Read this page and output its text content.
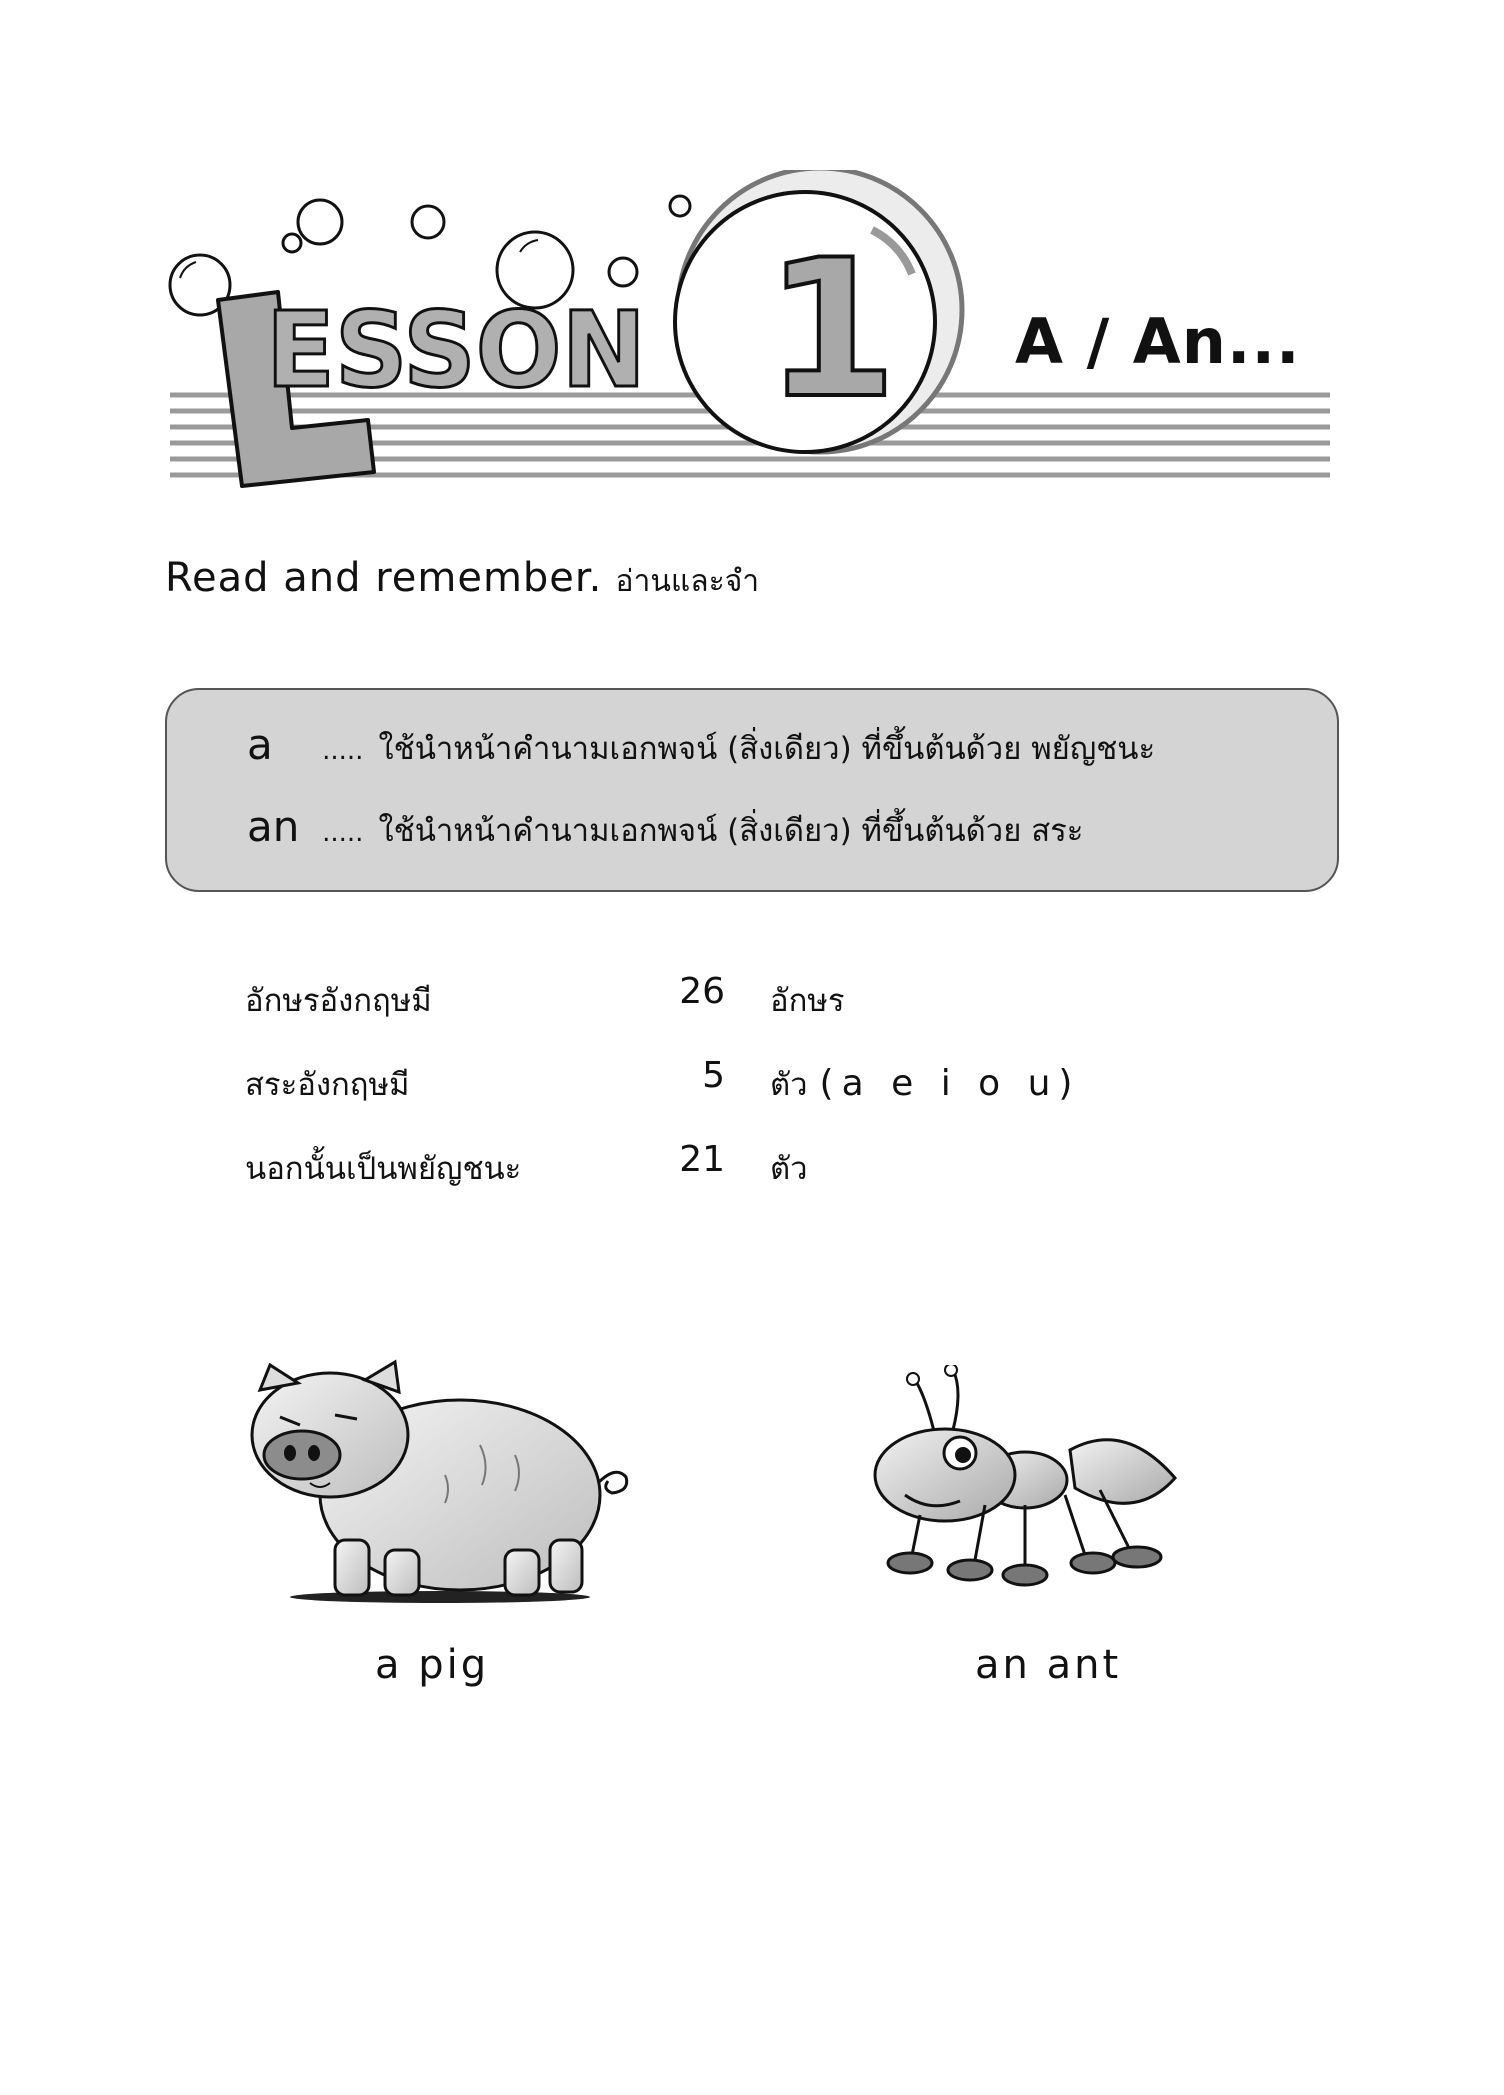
ESSON 1 A / An...
Read and remember. อ่านและจำ
a ..... ใช้นำหน้าคำนามเอกพจน์ (สิ่งเดียว) ที่ขึ้นต้นด้วย พยัญชนะ
an ..... ใช้นำหน้าคำนามเอกพจน์ (สิ่งเดียว) ที่ขึ้นต้นด้วย สระ
อักษรอังกฤษมี	26 อักษร
สระอังกฤษมี	5 ตัว (a e i o u)
นอกนั้นเป็นพยัญชนะ	21 ตัว
a pig	an ant
